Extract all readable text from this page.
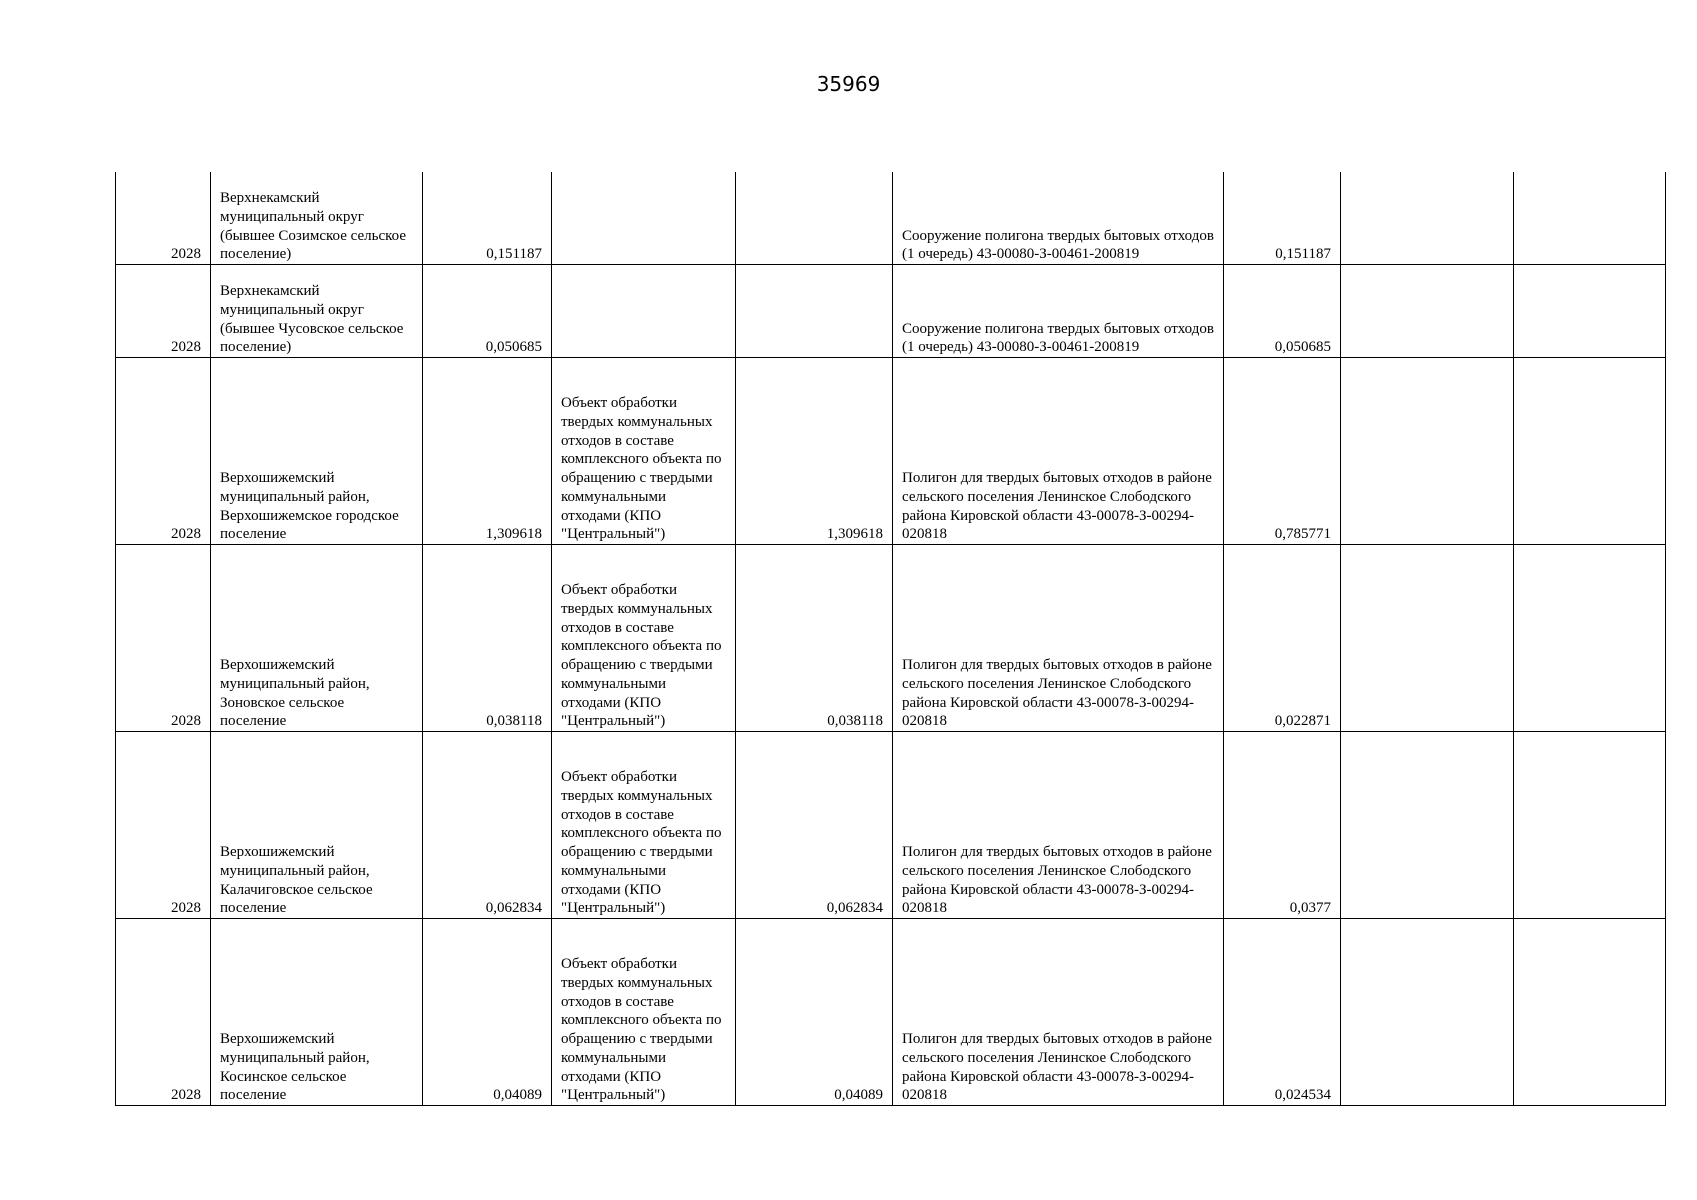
35969
2028	Верхнекамский муниципальный округ (бывшее Созимское сельское поселение)	0,151187			Сооружение полигона твердых бытовых отходов (1 очередь) 43-00080-З-00461-200819	0,151187		
2028	Верхнекамский муниципальный округ (бывшее Чусовское сельское поселение)	0,050685			Сооружение полигона твердых бытовых отходов (1 очередь) 43-00080-З-00461-200819	0,050685		
2028	Верхошижемский муниципальный район, Верхошижемское городское поселение	1,309618	Объект обработки твердых коммунальных отходов в составе комплексного объекта по обращению с твердыми коммунальными отходами (КПО "Центральный")	1,309618	Полигон для твердых бытовых отходов в районе сельского поселения Ленинское Слободского района Кировской области 43-00078-З-00294-020818	0,785771		
2028	Верхошижемский муниципальный район, Зоновское сельское поселение	0,038118	Объект обработки твердых коммунальных отходов в составе комплексного объекта по обращению с твердыми коммунальными отходами (КПО "Центральный")	0,038118	Полигон для твердых бытовых отходов в районе сельского поселения Ленинское Слободского района Кировской области 43-00078-З-00294-020818	0,022871		
2028	Верхошижемский муниципальный район, Калачиговское сельское поселение	0,062834	Объект обработки твердых коммунальных отходов в составе комплексного объекта по обращению с твердыми коммунальными отходами (КПО "Центральный")	0,062834	Полигон для твердых бытовых отходов в районе сельского поселения Ленинское Слободского района Кировской области 43-00078-З-00294-020818	0,0377		
2028	Верхошижемский муниципальный район, Косинское сельское поселение	0,04089	Объект обработки твердых коммунальных отходов в составе комплексного объекта по обращению с твердыми коммунальными отходами (КПО "Центральный")	0,04089	Полигон для твердых бытовых отходов в районе сельского поселения Ленинское Слободского района Кировской области 43-00078-З-00294-020818	0,024534		
